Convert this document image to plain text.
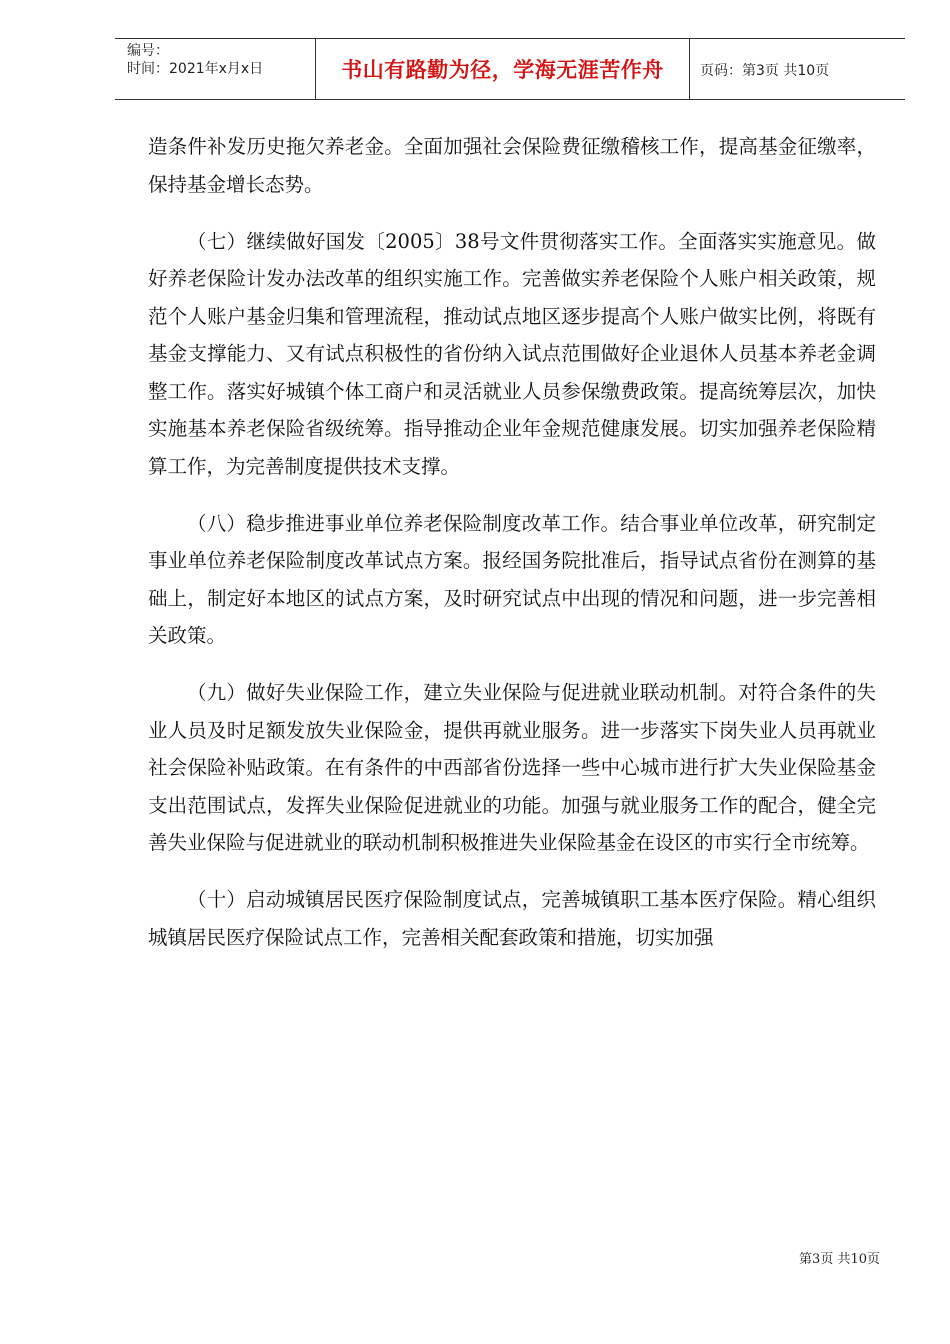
编号：
时间：2021年x月x日	书山有路勤为径，学海无涯苦作舟	页码：第3页 共10页

造条件补发历史拖欠养老金。全面加强社会保险费征缴稽核工作，提高基金征缴率，保持基金增长态势。

（七）继续做好国发〔2005〕38号文件贯彻落实工作。全面落实实施意见。做好养老保险计发办法改革的组织实施工作。完善做实养老保险个人账户相关政策，规范个人账户基金归集和管理流程，推动试点地区逐步提高个人账户做实比例，将既有基金支撑能力、又有试点积极性的省份纳入试点范围做好企业退休人员基本养老金调整工作。落实好城镇个体工商户和灵活就业人员参保缴费政策。提高统筹层次，加快实施基本养老保险省级统筹。指导推动企业年金规范健康发展。切实加强养老保险精算工作，为完善制度提供技术支撑。

（八）稳步推进事业单位养老保险制度改革工作。结合事业单位改革，研究制定事业单位养老保险制度改革试点方案。报经国务院批准后，指导试点省份在测算的基础上，制定好本地区的试点方案，及时研究试点中出现的情况和问题，进一步完善相关政策。

（九）做好失业保险工作，建立失业保险与促进就业联动机制。对符合条件的失业人员及时足额发放失业保险金，提供再就业服务。进一步落实下岗失业人员再就业社会保险补贴政策。在有条件的中西部省份选择一些中心城市进行扩大失业保险基金支出范围试点，发挥失业保险促进就业的功能。加强与就业服务工作的配合，健全完善失业保险与促进就业的联动机制积极推进失业保险基金在设区的市实行全市统筹。

（十）启动城镇居民医疗保险制度试点，完善城镇职工基本医疗保险。精心组织城镇居民医疗保险试点工作，完善相关配套政策和措施，切实加强

第3页 共10页
